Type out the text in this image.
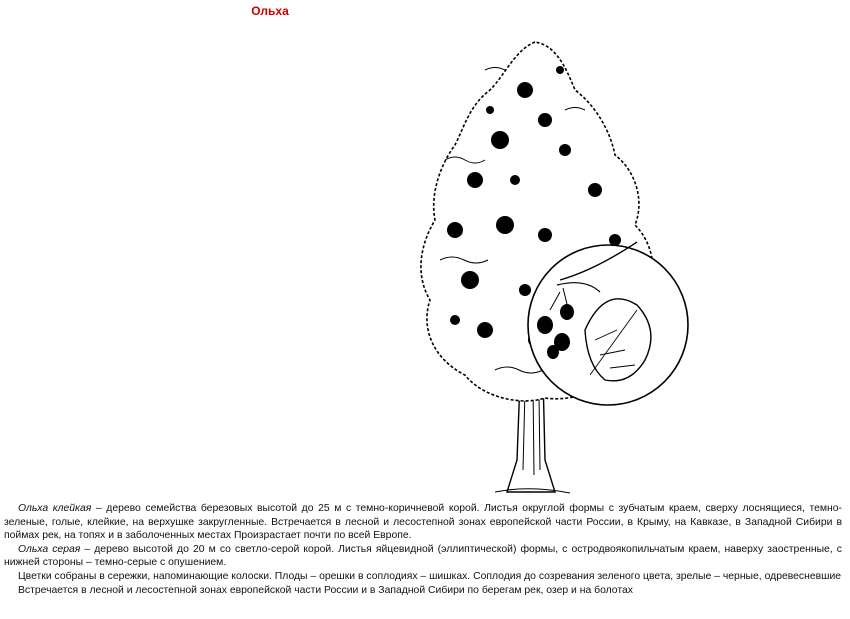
Ольха

Ольха клейкая – дерево семейства березовых высотой до 25 м с темно-коричневой корой. Листья округлой формы с зубчатым краем, сверху лоснящиеся, темно-зеленые, голые, клейкие, на верхушке закругленные. Встречается в лесной и лесостепной зонах европейской части России, в Крыму, на Кавказе, в Западной Сибири в поймах рек, на топях и в заболоченных местах Произрастает почти по всей Европе.

Ольха серая – дерево высотой до 20 м со светло-серой корой. Листья яйцевидной (эллиптической) формы, с остродвоякопильчатым краем, наверху заостренные, с нижней стороны – темно-серые с опушением.

Цветки собраны в сережки, напоминающие колоски. Плоды – орешки в соплодиях – шишках. Соплодия до созревания зеленого цвета, зрелые – черные, одревесневшие

Встречается в лесной и лесостепной зонах европейской части России и в Западной Сибири по берегам рек, озер и на болотах
